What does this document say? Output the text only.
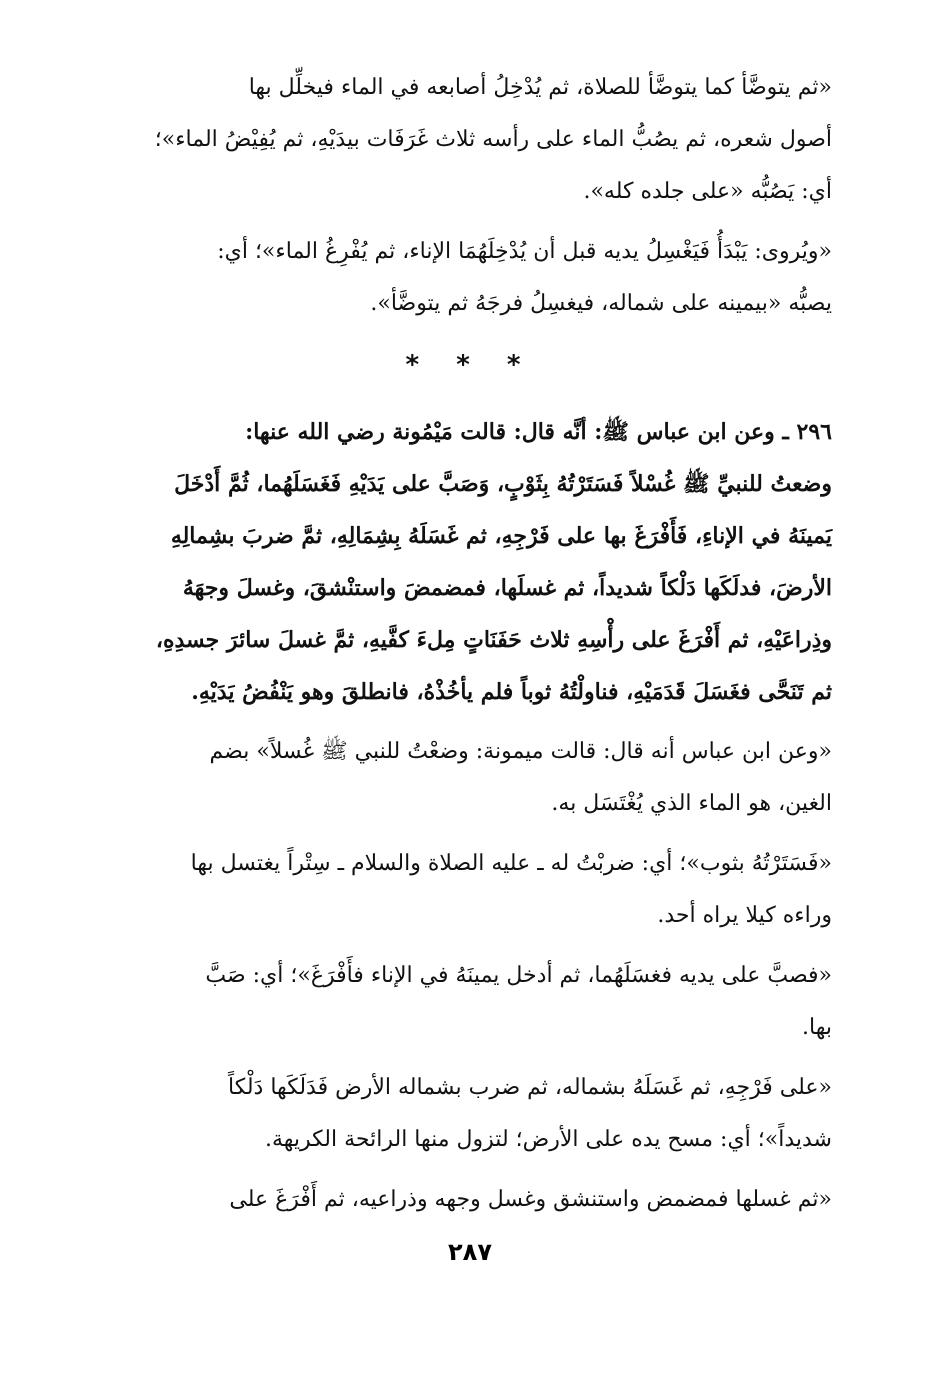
«ثم يتوضَّأ كما يتوضَّأ للصلاة، ثم يُدْخِلُ أصابعه في الماء فيخلِّل بها
أصول شعره، ثم يصُبُّ الماء على رأسه ثلاث غَرَفَات بيدَيْهِ، ثم يُفِيْضُ الماء»؛
أي: يَصُبُّه «على جلده كله».

«ويُروى: يَبْدَأُ فَيَغْسِلُ يديه قبل أن يُدْخِلَهُمَا الإناء، ثم يُفْرِغُ الماء»؛ أي:
يصبُّه «بيمينه على شماله، فيغسِلُ فرجَهُ ثم يتوضَّأ».

* * *

٢٩٦ ـ وعن ابن عباس ﷺ: أنَّه قال: قالت مَيْمُونة رضي الله عنها:
وضعتُ للنبيِّ ﷺ غُسْلاً فَسَتَرْتُهُ بِثَوْبٍ، وَصَبَّ على يَدَيْهِ فَغَسَلَهُما، ثُمَّ أَدْخَلَ
يَمينَهُ في الإناءِ، فَأَفْرَغَ بها على فَرْجِهِ، ثم غَسَلَهُ بِشِمَالِهِ، ثمَّ ضربَ بشِمالِهِ
الأرضَ، فدلَكَها دَلْكاً شديداً، ثم غسلَها، فمضمضَ واستنْشقَ، وغسلَ وجهَهُ
وذِراعَيْهِ، ثم أَفْرَغَ على رأْسِهِ ثلاث حَفَنَاتٍ مِلءَ كفَّيهِ، ثمَّ غسلَ سائرَ جسدِهِ،
ثم تَنَحَّى فغَسَلَ قَدَمَيْهِ، فناولْتُهُ ثوباً فلم يأخُذْهُ، فانطلقَ وهو يَنْفُضُ يَدَيْهِ.

«وعن ابن عباس أنه قال: قالت ميمونة: وضعْتُ للنبي ﷺ غُسلاً» بضم
الغين، هو الماء الذي يُغْتَسَل به.

«فَسَتَرْتُهُ بثوب»؛ أي: ضربْتُ له ـ عليه الصلاة والسلام ـ سِتْراً يغتسل بها
وراءه كيلا يراه أحد.

«فصبَّ على يديه فغسَلَهُما، ثم أدخل يمينَهُ في الإناء فأَفْرَغَ»؛ أي: صَبَّ
بها.

«على فَرْجِهِ، ثم غَسَلَهُ بشماله، ثم ضرب بشماله الأرض فَدَلَكَها دَلْكاً
شديداً»؛ أي: مسح يده على الأرض؛ لتزول منها الرائحة الكريهة.

«ثم غسلها فمضمض واستنشق وغسل وجهه وذراعيه، ثم أَفْرَغَ على

٢٨٧
